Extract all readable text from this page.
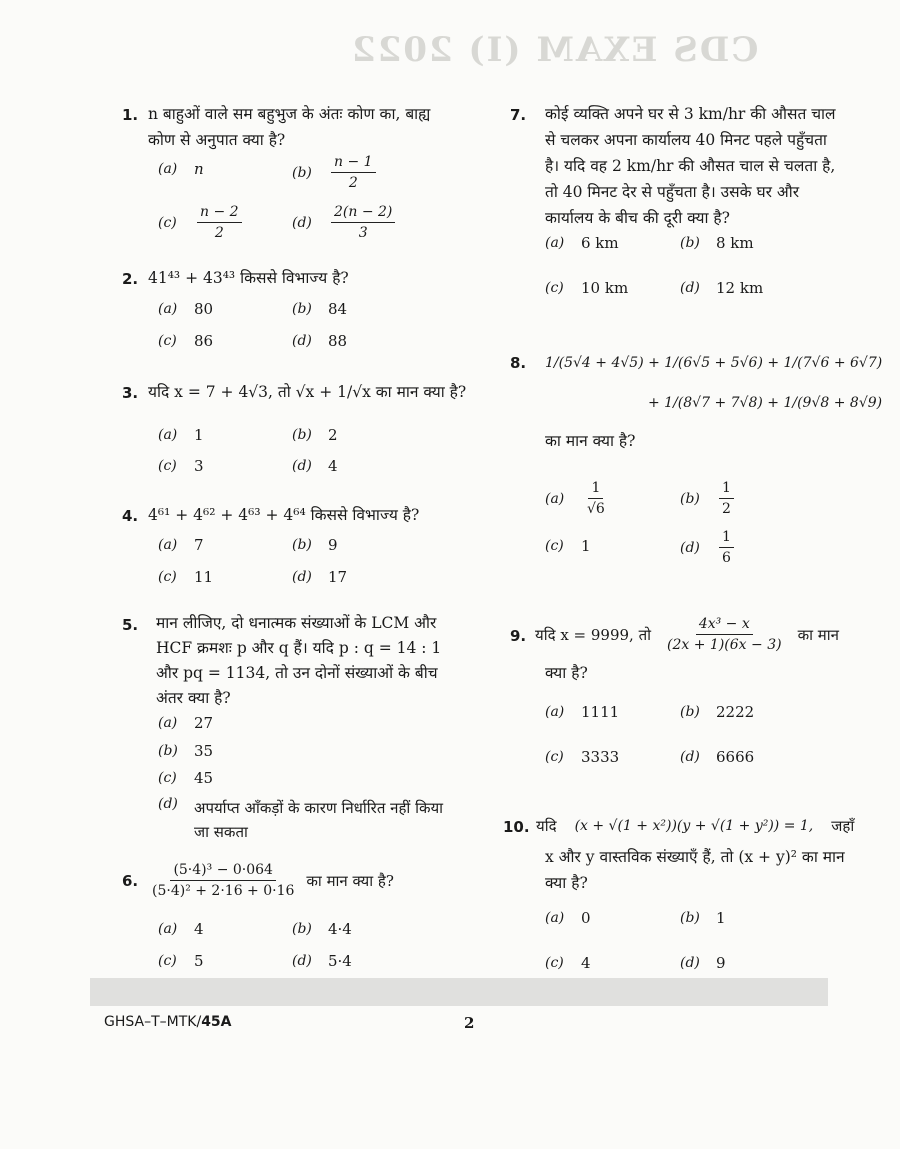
CDS EXAM (I) 2022
1. n बाहुओं वाले सम बहुभुज के अंतः कोण का, बाह्य कोण से अनुपात क्या है?
(a) n	$(b) \frac{n - 1}{2}$
$(c) \frac{n - 2}{2}$	$(d) \frac{2(n - 2)}{3}$
2. 41⁴³ + 43⁴³ किससे विभाज्य है?
(a) 80	(b) 84
(c) 86	(d) 88
3. यदि x = 7 + 4√3, तो √x + 1/√x का मान क्या है?
(a) 1	(b) 2
(c) 3	(d) 4
4. 4⁶¹ + 4⁶² + 4⁶³ + 4⁶⁴ किससे विभाज्य है?
(a) 7	(b) 9
(c) 11	(d) 17
5. मान लीजिए, दो धनात्मक संख्याओं के LCM और HCF क्रमशः p और q हैं। यदि p : q = 14 : 1 और pq = 1134, तो उन दोनों संख्याओं के बीच अंतर क्या है?
(a) 27
(b) 35
(c) 45
(d) अपर्याप्त आँकड़ों के कारण निर्धारित नहीं किया जा सकता
6. $\frac{\text{(5·4)³ − 0·064}}{\text{(5·4)² + 2·16 + 0·16}}$ का मान क्या है?
(a) 4	(b) 4·4
(c) 5	(d) 5·4
7. कोई व्यक्ति अपने घर से 3 km/hr की औसत चाल से चलकर अपना कार्यालय 40 मिनट पहले पहुँचता है। यदि वह 2 km/hr की औसत चाल से चलता है, तो 40 मिनट देर से पहुँचता है। उसके घर और कार्यालय के बीच की दूरी क्या है?
(a) 6 km	(b) 8 km
(c) 10 km	(d) 12 km
8. 1/(5√4 + 4√5) + 1/(6√5 + 5√6) + 1/(7√6 + 6√7)
+ 1/(8√7 + 7√8) + 1/(9√8 + 8√9)
का मान क्या है?
$(a) \frac{1}{√6}$	$(b) \frac{1}{2}$
(c) 1	$(d) \frac{1}{6}$
9. यदि x = 9999, तो $\frac{\text{4x³ − x}}{(2x + 1)(6x - 3)}$ का मान
क्या है?
(a) 1111	(b) 2222
(c) 3333	(d) 6666
10. यदि (x + √(1 + x²))(y + √(1 + y²)) = 1, जहाँ
x और y वास्तविक संख्याएँ हैं, तो (x + y)² का मान
क्या है?
(a) 0	(b) 1
(c) 4	(d) 9
GHSA–T–MTK/45A	2
